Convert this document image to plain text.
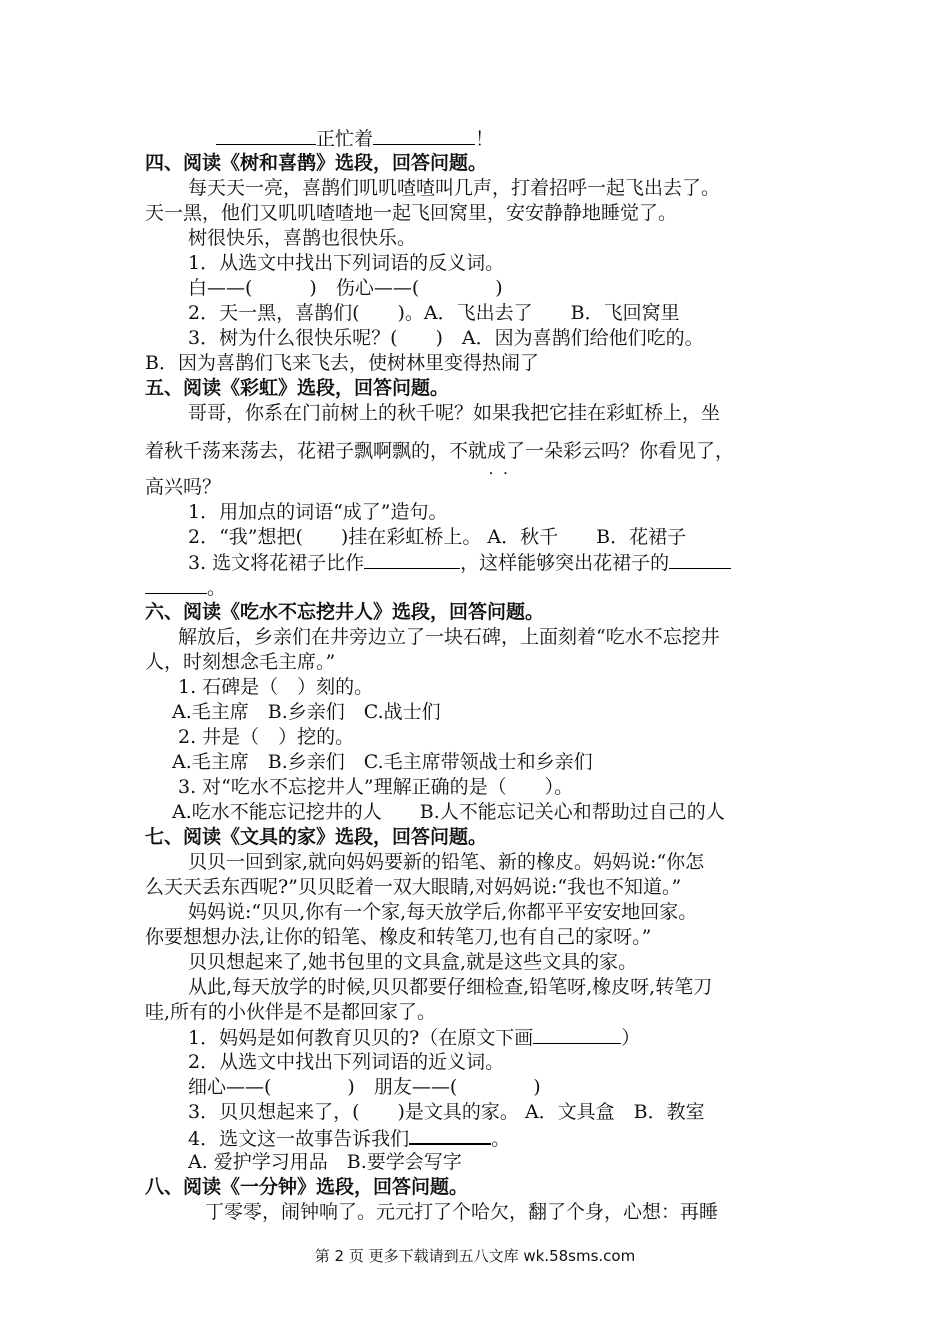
正忙着	！
四、阅读《树和喜鹊》选段，回答问题。
每天天一亮，喜鹊们叽叽喳喳叫几声，打着招呼一起飞出去了。
天一黑，他们又叽叽喳喳地一起飞回窝里，安安静静地睡觉了。
树很快乐，喜鹊也很快乐。
1．从选文中找出下列词语的反义词。
白——(　　　)　伤心——(　　　　)
2．天一黑，喜鹊们(　　)。A．飞出去了　　B．飞回窝里
3．树为什么很快乐呢？(　　)　A．因为喜鹊们给他们吃的。
B．因为喜鹊们飞来飞去，使树林里变得热闹了
五、阅读《彩虹》选段，回答问题。
哥哥，你系在门前树上的秋千呢？如果我把它挂在彩虹桥上，坐
着秋千荡来荡去，花裙子飘啊飘的，不就成了 • •一朵彩云吗？你看见了，
高兴吗？
1．用加点的词语“成了”造句。
2．“我”想把(　　)挂在彩虹桥上。 A．秋千　　B．花裙子
3. 选文将花裙子比作	，这样能够突出花裙子的
。
六、阅读《吃水不忘挖井人》选段，回答问题。
解放后，乡亲们在井旁边立了一块石碑，上面刻着“吃水不忘挖井
人，时刻想念毛主席。”
1. 石碑是（　）刻的。
A.毛主席　B.乡亲们　C.战士们
2. 井是（　）挖的。
A.毛主席　B.乡亲们　C.毛主席带领战士和乡亲们
3. 对“吃水不忘挖井人”理解正确的是（　　）。
A.吃水不能忘记挖井的人　　B.人不能忘记关心和帮助过自己的人
七、阅读《文具的家》选段，回答问题。
贝贝一回到家,就向妈妈要新的铅笔、新的橡皮。妈妈说:“你怎
么天天丢东西呢?”贝贝眨着一双大眼睛,对妈妈说:“我也不知道。”
妈妈说:“贝贝,你有一个家,每天放学后,你都平平安安地回家。
你要想想办法,让你的铅笔、橡皮和转笔刀,也有自己的家呀。”
贝贝想起来了,她书包里的文具盒,就是这些文具的家。
从此,每天放学的时候,贝贝都要仔细检查,铅笔呀,橡皮呀,转笔刀
哇,所有的小伙伴是不是都回家了。
1．妈妈是如何教育贝贝的?（在原文下画	）
2．从选文中找出下列词语的近义词。
细心——(　　　　)　朋友——(　　　　)
3．贝贝想起来了，(　　)是文具的家。 A．文具盒　B．教室
4．选文这一故事告诉我们	。
A. 爱护学习用品　B.要学会写字
八、阅读《一分钟》选段，回答问题。
丁零零，闹钟响了。元元打了个哈欠，翻了个身，心想：再睡
第 2 页 更多下载请到五八文库 wk.58sms.com
